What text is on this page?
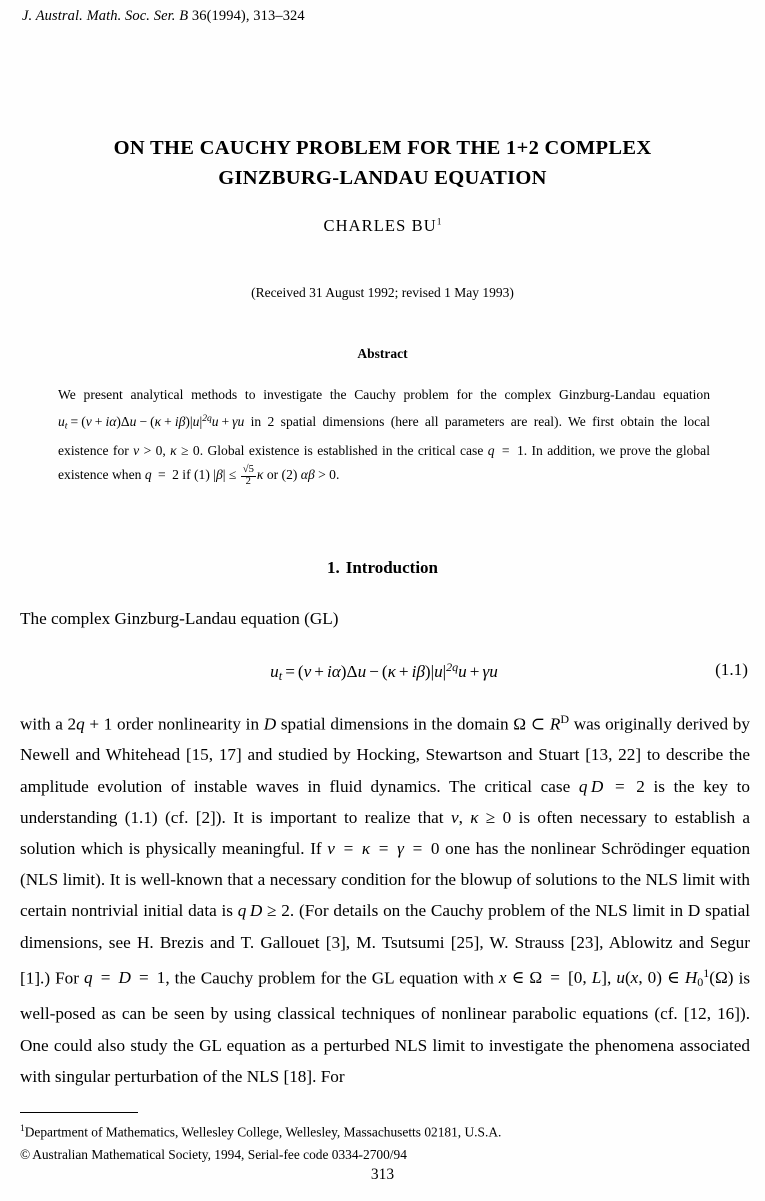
J. Austral. Math. Soc. Ser. B 36(1994), 313–324
ON THE CAUCHY PROBLEM FOR THE 1+2 COMPLEX
GINZBURG-LANDAU EQUATION
CHARLES $BU^1$
(Received 31 August 1992; revised 1 May 1993)
Abstract

We present analytical methods to investigate the Cauchy problem for the complex Ginzburg-Landau equation ut = $(\nu + i\alpha)\Delta u - (\kappa + i\beta)|u|^{2q}u + \gamma u$ in 2 spatial dimensions (here all parameters are real). We first obtain the local existence for ν > 0, κ ≥ 0. Global existence is established in the critical case q = 1. In addition, we prove the global existence when q = 2 if (1) $|\beta| \le \frac{√5}{2}$ κ or (2) αβ > 0.

1. Introduction
The complex Ginzburg-Landau equation (GL)
ut = $(\nu + i\alpha)\Delta u - (\kappa + i\beta)|u|^{2q}u + \gamma u$	(1.1)

with a 2q + 1 order nonlinearity in D spatial dimensions in the domain Ω ⊂ $R^D$ was originally derived by Newell and Whitehead [15, 17] and studied by Hocking, Stewartson and Stuart [13, 22] to describe the amplitude evolution of instable waves in fluid dynamics. The critical case q  D = 2 is the key to understanding (1.1) (cf. [2]). It is important to realize that ν, κ ≥ 0 is often necessary to establish a solution which is physically meaningful. If ν = κ = γ = 0 one has the nonlinear Schrödinger equation (NLS limit). It is well-known that a necessary condition for the blowup of solutions to the NLS limit with certain nontrivial initial data is q  D ≥ 2. (For details on the Cauchy problem of the NLS limit in D spatial dimensions, see H. Brezis and T. Gallouet [3], M. Tsutsumi [25], W. Strauss [23], Ablowitz and Segur [1].) For q = D = 1, the Cauchy problem for the GL equation with x ∈ Ω = [0, L], u(x, 0) ∈ $H0^1(\Omega)$ is well-posed as can be seen by using classical techniques of nonlinear parabolic equations (cf. [12, 16]). One could also study the GL equation as a perturbed NLS limit to investigate the phenomena associated with singular perturbation of the NLS [18]. For

$^1$Department of Mathematics, Wellesley College, Wellesley, Massachusetts 02181, U.S.A.
© Australian Mathematical Society, 1994, Serial-fee code 0334-2700/94
313
